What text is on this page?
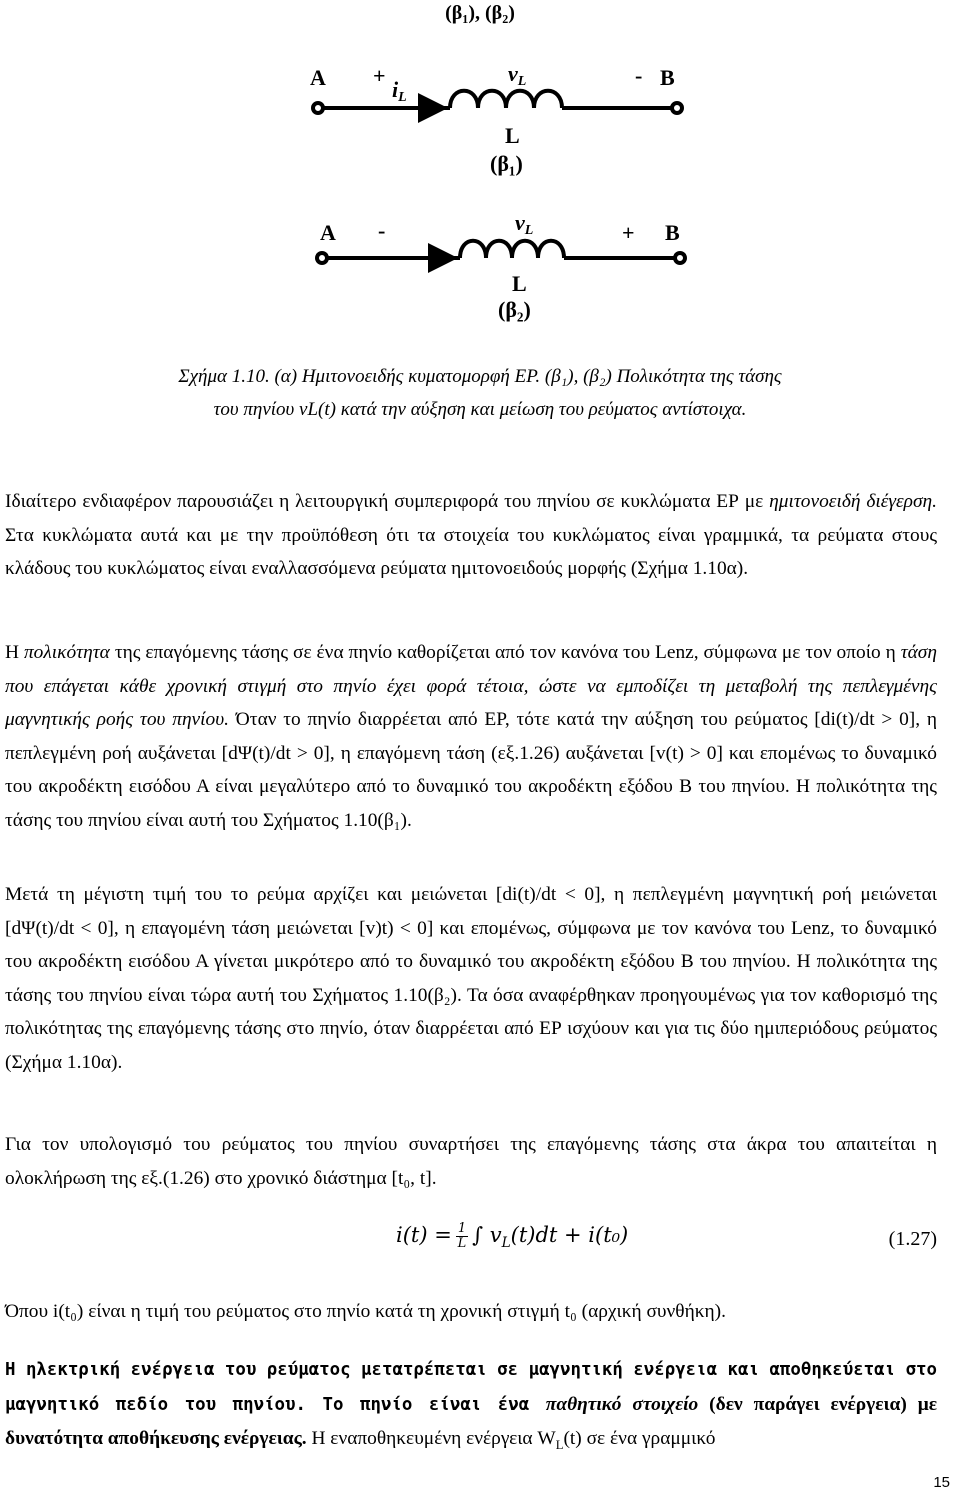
(β₁), (β₂)
A +
iL
vL	- B
L
(β₁)
A -	vL	+ B
L
(β₂)
Σχήμα 1.10. (α) Ημιτονοειδής κυματομορφή ΕΡ. (β₁), (β₂) Πολικότητα της τάσης
του πηνίου vL(t) κατά την αύξηση και μείωση του ρεύματος αντίστοιχα.
Ιδιαίτερο ενδιαφέρον παρουσιάζει η λειτουργική συμπεριφορά του πηνίου σε κυκλώματα ΕΡ με ημιτονοειδή διέγερση. Στα κυκλώματα αυτά και με την προϋπόθεση ότι τα στοιχεία του κυκλώματος είναι γραμμικά, τα ρεύματα στους κλάδους του κυκλώματος είναι εναλλασσόμενα ρεύματα ημιτονοειδούς μορφής (Σχήμα 1.10α).
Η πολικότητα της επαγόμενης τάσης σε ένα πηνίο καθορίζεται από τον κανόνα του Lenz, σύμφωνα με τον οποίο η τάση που επάγεται κάθε χρονική στιγμή στο πηνίο έχει φορά τέτοια, ώστε να εμποδίζει τη μεταβολή της πεπλεγμένης μαγνητικής ροής του πηνίου. Όταν το πηνίο διαρρέεται από ΕΡ, τότε κατά την αύξηση του ρεύματος [di(t)/dt > 0], η πεπλεγμένη ροή αυξάνεται [dΨ(t)/dt > 0], η επαγόμενη τάση (εξ.1.26) αυξάνεται [v(t) > 0] και επομένως το δυναμικό του ακροδέκτη εισόδου Α είναι μεγαλύτερο από το δυναμικό του ακροδέκτη εξόδου Β του πηνίου. Η πολικότητα της τάσης του πηνίου είναι αυτή του Σχήματος 1.10(β₁).
Μετά τη μέγιστη τιμή του το ρεύμα αρχίζει και μειώνεται [di(t)/dt < 0], η πεπλεγμένη μαγνητική ροή μειώνεται [dΨ(t)/dt < 0], η επαγομένη τάση μειώνεται [v)t) < 0] και επομένως, σύμφωνα με τον κανόνα του Lenz, το δυναμικό του ακροδέκτη εισόδου Α γίνεται μικρότερο από το δυναμικό του ακροδέκτη εξόδου Β του πηνίου. Η πολικότητα της τάσης του πηνίου είναι τώρα αυτή του Σχήματος 1.10(β₂). Τα όσα αναφέρθηκαν προηγουμένως για τον καθορισμό της πολικότητας της επαγόμενης τάσης στο πηνίο, όταν διαρρέεται από ΕΡ ισχύουν και για τις δύο ημιπεριόδους ρεύματος (Σχήμα 1.10α).
Για τον υπολογισμό του ρεύματος του πηνίου συναρτήσει της επαγόμενης τάσης στα άκρα του απαιτείται η ολοκλήρωση της εξ.(1.26) στο χρονικό διάστημα [t₀, t].
$i(t) = \frac{1}{L}$ ∫ $v_L(t)dt + i(t_0)$	(1.27)
Όπου i(t₀) είναι η τιμή του ρεύματος στο πηνίο κατά τη χρονική στιγμή t₀ (αρχική συνθήκη).
Η ηλεκτρική ενέργεια του ρεύματος μετατρέπεται σε μαγνητική ενέργεια και αποθηκεύεται στο μαγνητικό πεδίο του πηνίου. Το πηνίο είναι ένα παθητικό στοιχείο (δεν παράγει ενέργεια) με δυνατότητα αποθήκευσης ενέργειας. Η εναποθηκευμένη ενέργεια $W_L(t)$ σε ένα γραμμικό
15
